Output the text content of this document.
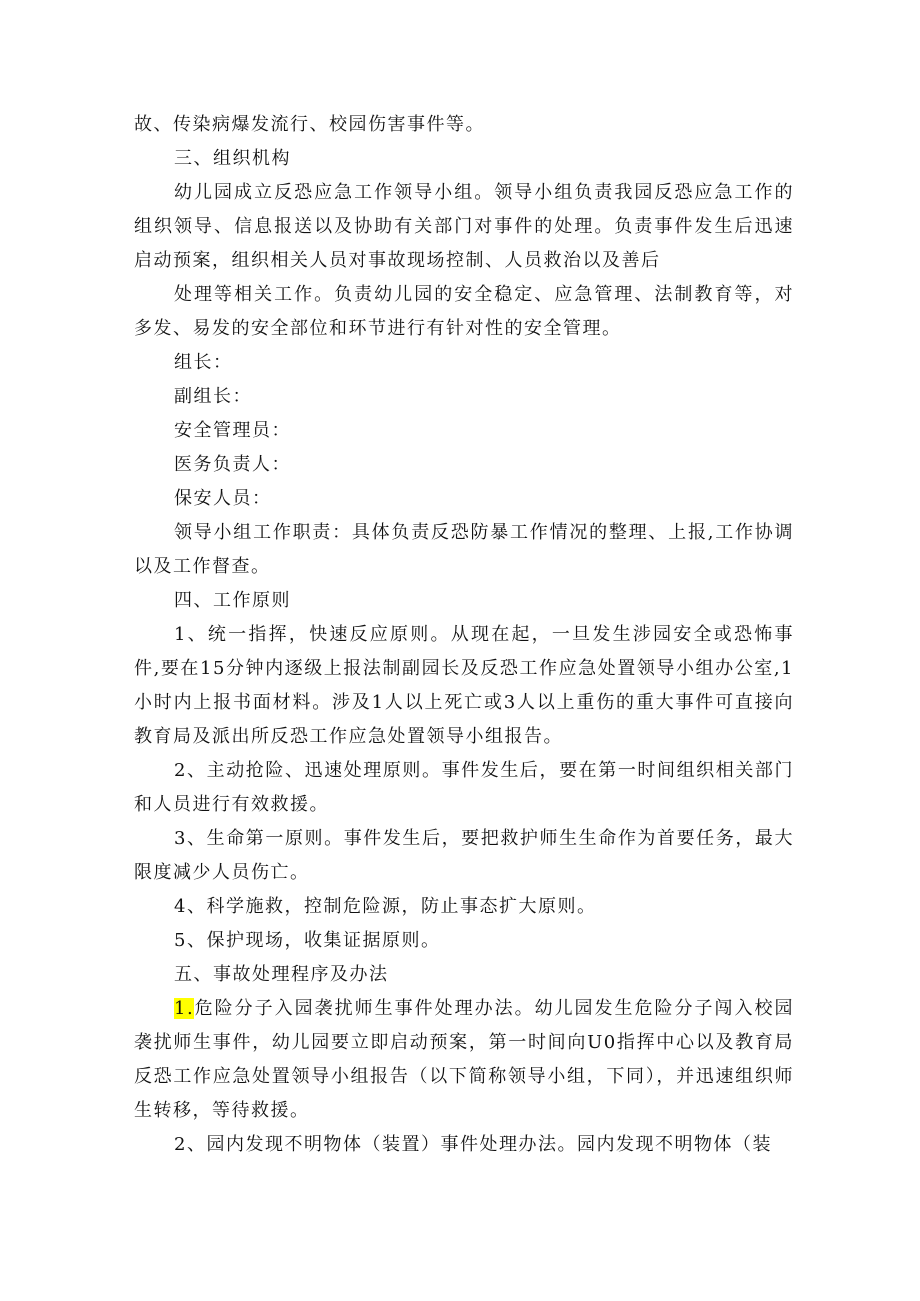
故、传染病爆发流行、校园伤害事件等。

三、组织机构

幼儿园成立反恐应急工作领导小组。领导小组负责我园反恐应急工作的组织领导、信息报送以及协助有关部门对事件的处理。负责事件发生后迅速启动预案，组织相关人员对事故现场控制、人员救治以及善后

处理等相关工作。负责幼儿园的安全稳定、应急管理、法制教育等，对多发、易发的安全部位和环节进行有针对性的安全管理。

组长：

副组长：

安全管理员：

医务负责人：

保安人员：

领导小组工作职责：具体负责反恐防暴工作情况的整理、上报,工作协调以及工作督查。

四、工作原则

1、统一指挥，快速反应原则。从现在起，一旦发生涉园安全或恐怖事件,要在15分钟内逐级上报法制副园长及反恐工作应急处置领导小组办公室,1小时内上报书面材料。涉及1人以上死亡或3人以上重伤的重大事件可直接向教育局及派出所反恐工作应急处置领导小组报告。

2、主动抢险、迅速处理原则。事件发生后，要在第一时间组织相关部门和人员进行有效救援。

3、生命第一原则。事件发生后，要把救护师生生命作为首要任务，最大限度减少人员伤亡。

4、科学施救，控制危险源，防止事态扩大原则。

5、保护现场，收集证据原则。

五、事故处理程序及办法

1.危险分子入园袭扰师生事件处理办法。幼儿园发生危险分子闯入校园袭扰师生事件，幼儿园要立即启动预案，第一时间向U0指挥中心以及教育局反恐工作应急处置领导小组报告（以下简称领导小组，下同），并迅速组织师生转移，等待救援。

2、园内发现不明物体（装置）事件处理办法。园内发现不明物体（装
